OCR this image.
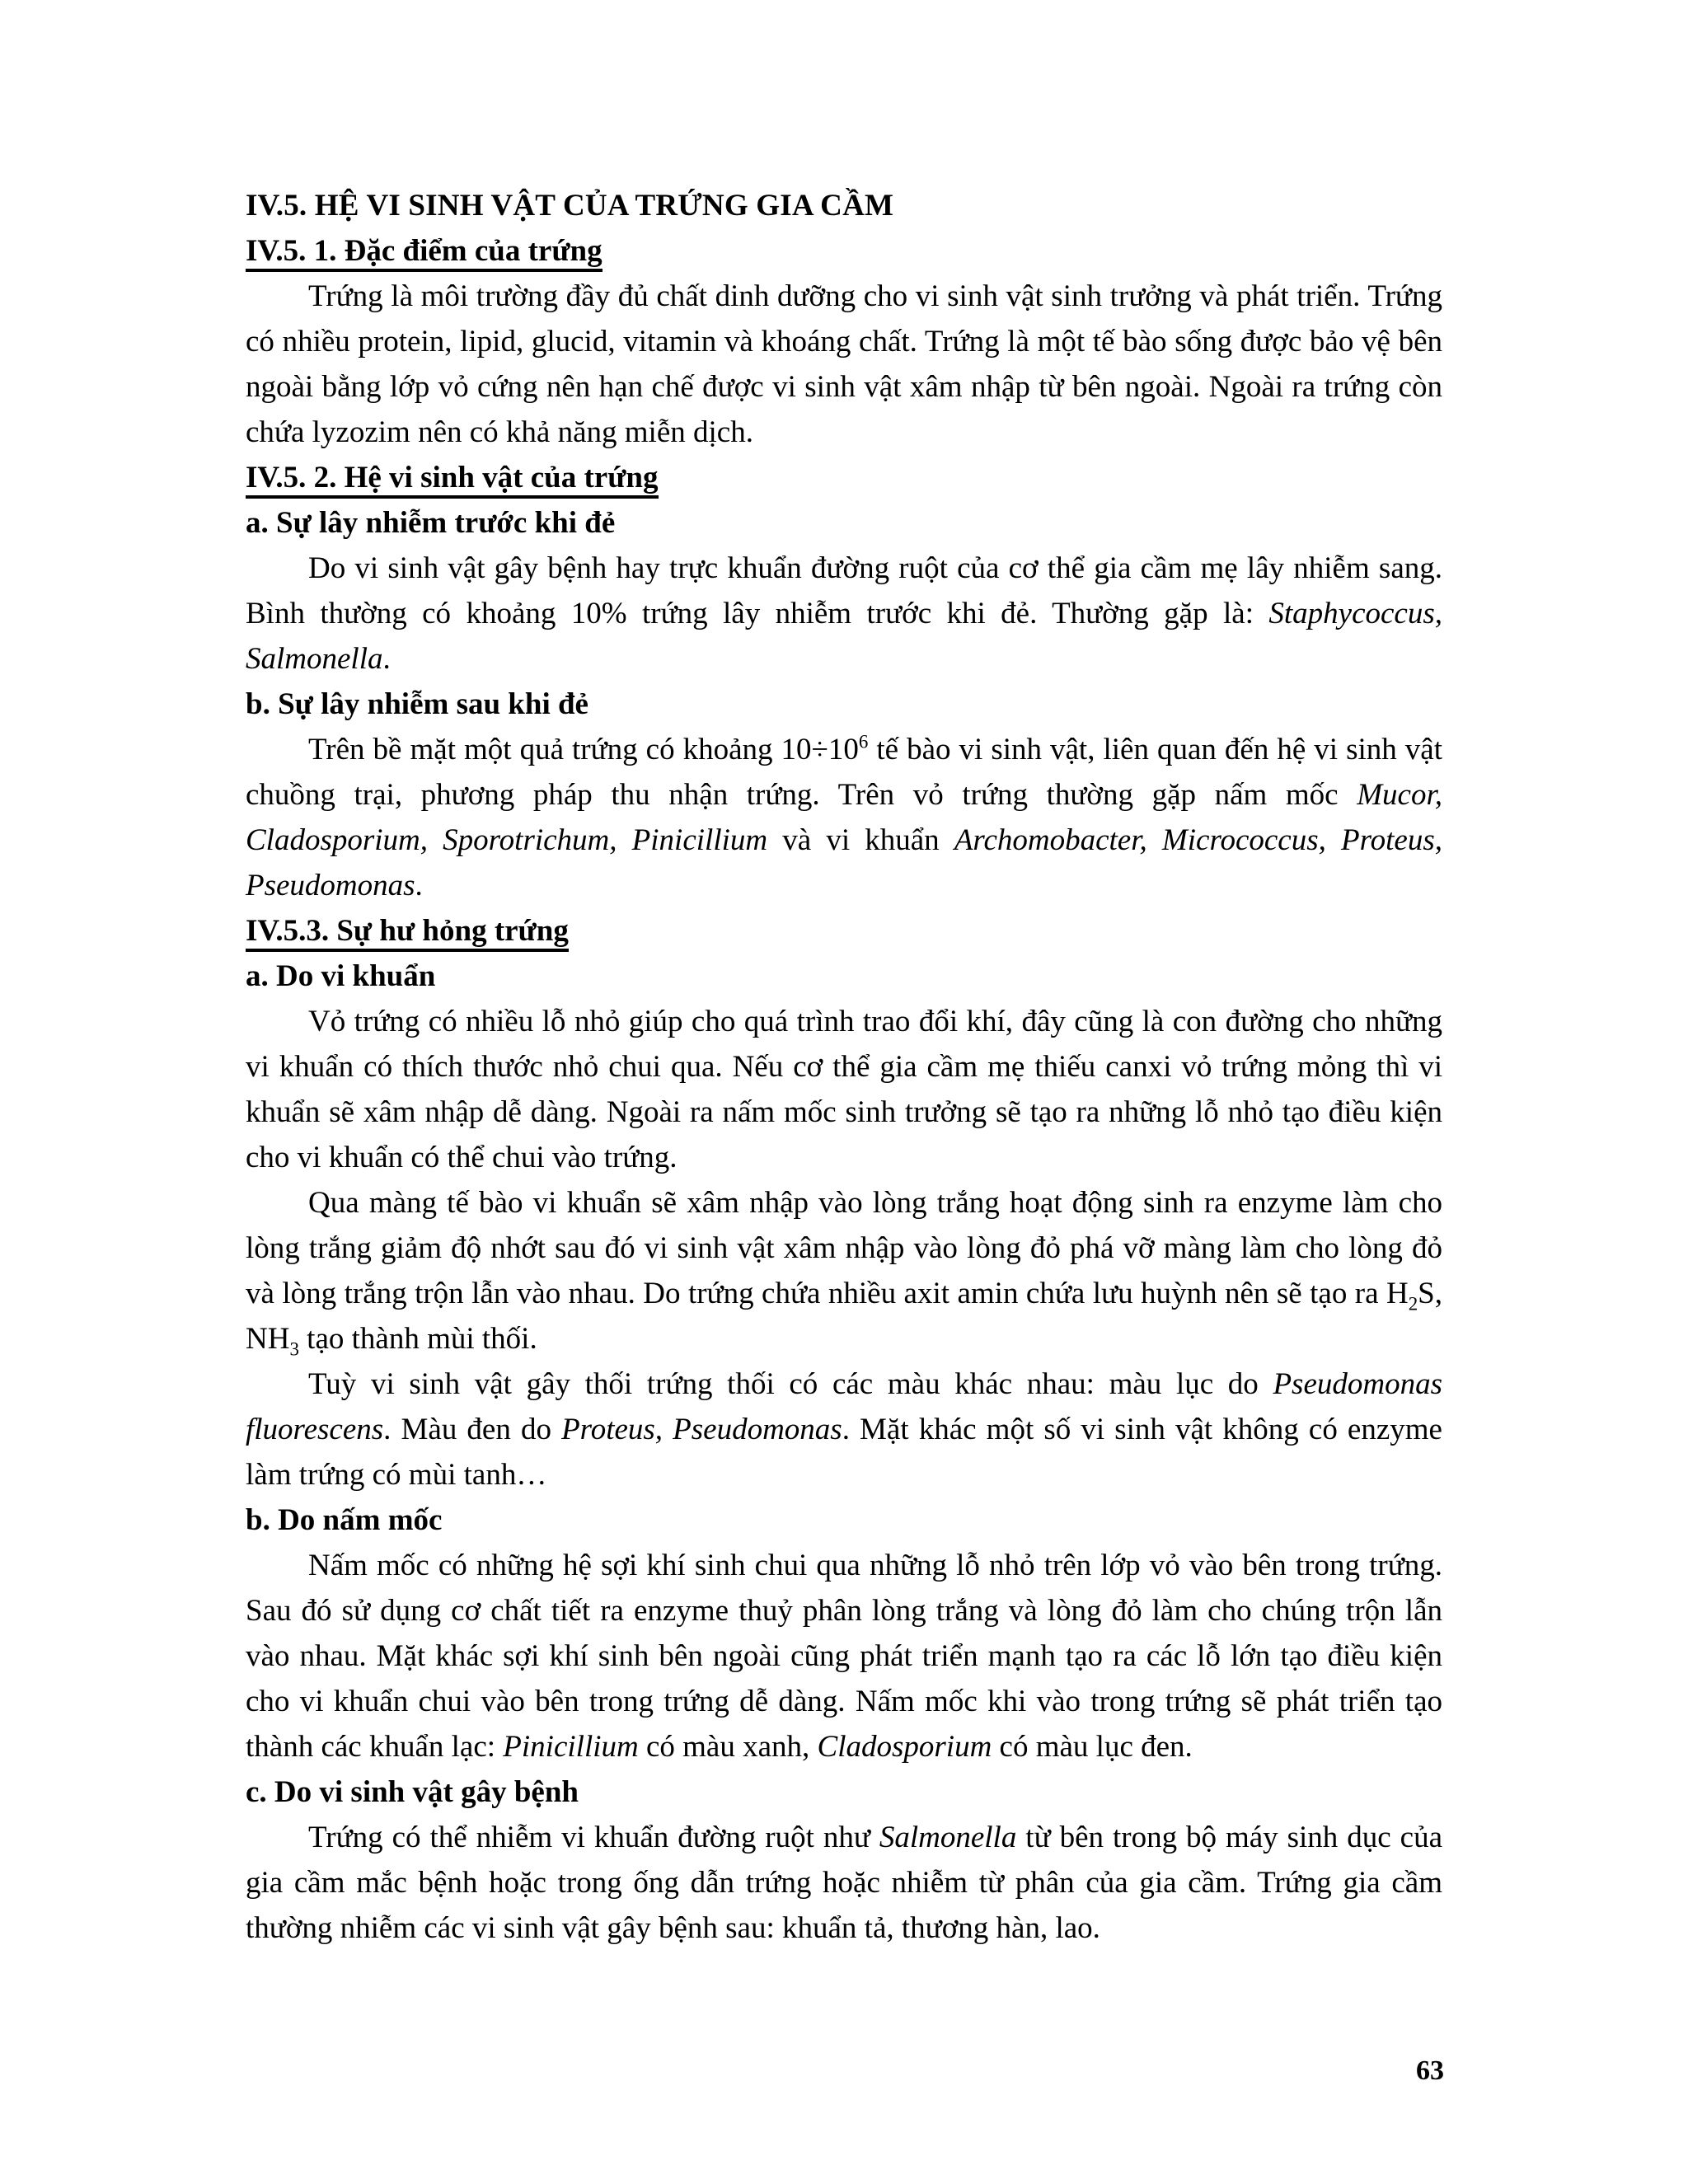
IV.5. HỆ VI SINH VẬT CỦA TRỨNG GIA CẦM
IV.5. 1. Đặc điểm của trứng

Trứng là môi trường đầy đủ chất dinh dưỡng cho vi sinh vật sinh trưởng và phát triển. Trứng có nhiều protein, lipid, glucid, vitamin và khoáng chất. Trứng là một tế bào sống được bảo vệ bên ngoài bằng lớp vỏ cứng nên hạn chế được vi sinh vật xâm nhập từ bên ngoài. Ngoài ra trứng còn chứa lyzozim nên có khả năng miễn dịch.

IV.5. 2. Hệ vi sinh vật của trứng
a. Sự lây nhiễm trước khi đẻ

Do vi sinh vật gây bệnh hay trực khuẩn đường ruột của cơ thể gia cầm mẹ lây nhiễm sang. Bình thường có khoảng 10% trứng lây nhiễm trước khi đẻ. Thường gặp là: Staphycoccus, Salmonella.

b. Sự lây nhiễm sau khi đẻ

Trên bề mặt một quả trứng có khoảng $10\div 10^6$ tế bào vi sinh vật, liên quan đến hệ vi sinh vật chuồng trại, phương pháp thu nhận trứng. Trên vỏ trứng thường gặp nấm mốc Mucor, Cladosporium, Sporotrichum, Pinicillium và vi khuẩn Archomobacter, Micrococcus, Proteus, Pseudomonas.

IV.5.3. Sự hư hỏng trứng
a. Do vi khuẩn

Vỏ trứng có nhiều lỗ nhỏ giúp cho quá trình trao đổi khí, đây cũng là con đường cho những vi khuẩn có thích thước nhỏ chui qua. Nếu cơ thể gia cầm mẹ thiếu canxi vỏ trứng mỏng thì vi khuẩn sẽ xâm nhập dễ dàng. Ngoài ra nấm mốc sinh trưởng sẽ tạo ra những lỗ nhỏ tạo điều kiện cho vi khuẩn có thể chui vào trứng.

Qua màng tế bào vi khuẩn sẽ xâm nhập vào lòng trắng hoạt động sinh ra enzyme làm cho lòng trắng giảm độ nhớt sau đó vi sinh vật xâm nhập vào lòng đỏ phá vỡ màng làm cho lòng đỏ và lòng trắng trộn lẫn vào nhau. Do trứng chứa nhiều axit amin chứa lưu huỳnh nên sẽ tạo ra $H_2S$, $NH_3$ tạo thành mùi thối.

Tuỳ vi sinh vật gây thối trứng thối có các màu khác nhau: màu lục do Pseudomonas fluorescens. Màu đen do Proteus, Pseudomonas. Mặt khác một số vi sinh vật không có enzyme làm trứng có mùi tanh…

b. Do nấm mốc

Nấm mốc có những hệ sợi khí sinh chui qua những lỗ nhỏ trên lớp vỏ vào bên trong trứng. Sau đó sử dụng cơ chất tiết ra enzyme thuỷ phân lòng trắng và lòng đỏ làm cho chúng trộn lẫn vào nhau. Mặt khác sợi khí sinh bên ngoài cũng phát triển mạnh tạo ra các lỗ lớn tạo điều kiện cho vi khuẩn chui vào bên trong trứng dễ dàng. Nấm mốc khi vào trong trứng sẽ phát triển tạo thành các khuẩn lạc: Pinicillium có màu xanh, Cladosporium có màu lục đen.

c. Do vi sinh vật gây bệnh

Trứng có thể nhiễm vi khuẩn đường ruột như Salmonella từ bên trong bộ máy sinh dục của gia cầm mắc bệnh hoặc trong ống dẫn trứng hoặc nhiễm từ phân của gia cầm. Trứng gia cầm thường nhiễm các vi sinh vật gây bệnh sau: khuẩn tả, thương hàn, lao.

63
